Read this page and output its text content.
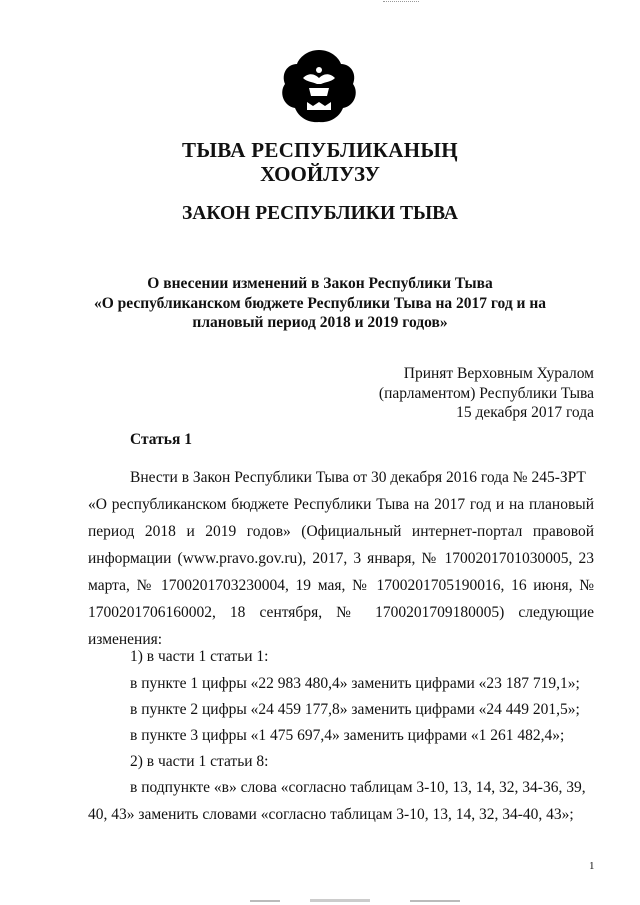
ТЫВА РЕСПУБЛИКАНЫҢ
ХООЙЛУЗУ
ЗАКОН РЕСПУБЛИКИ ТЫВА
О внесении изменений в Закон Республики Тыва
«О республиканском бюджете Республики Тыва на 2017 год и на
плановый период 2018 и 2019 годов»
Принят Верховным Хуралом
(парламентом) Республики Тыва
15 декабря 2017 года
Статья 1
Внести в Закон Республики Тыва от 30 декабря 2016 года № 245-ЗРТ
«О республиканском бюджете Республики Тыва на 2017 год и на плановый
период 2018 и 2019 годов» (Официальный интернет-портал правовой
информации (www.pravo.gov.ru), 2017, 3 января, № 1700201701030005, 23
марта, № 1700201703230004, 19 мая, № 1700201705190016, 16 июня, №
1700201706160002, 18 сентября, № 1700201709180005) следующие
изменения:
1) в части 1 статьи 1:
в пункте 1 цифры «22 983 480,4» заменить цифрами «23 187 719,1»;
в пункте 2 цифры «24 459 177,8» заменить цифрами «24 449 201,5»;
в пункте 3 цифры «1 475 697,4» заменить цифрами «1 261 482,4»;
2) в части 1 статьи 8:
в подпункте «в» слова «согласно таблицам 3-10, 13, 14, 32, 34-36, 39,
40, 43» заменить словами «согласно таблицам 3-10, 13, 14, 32, 34-40, 43»;
1
